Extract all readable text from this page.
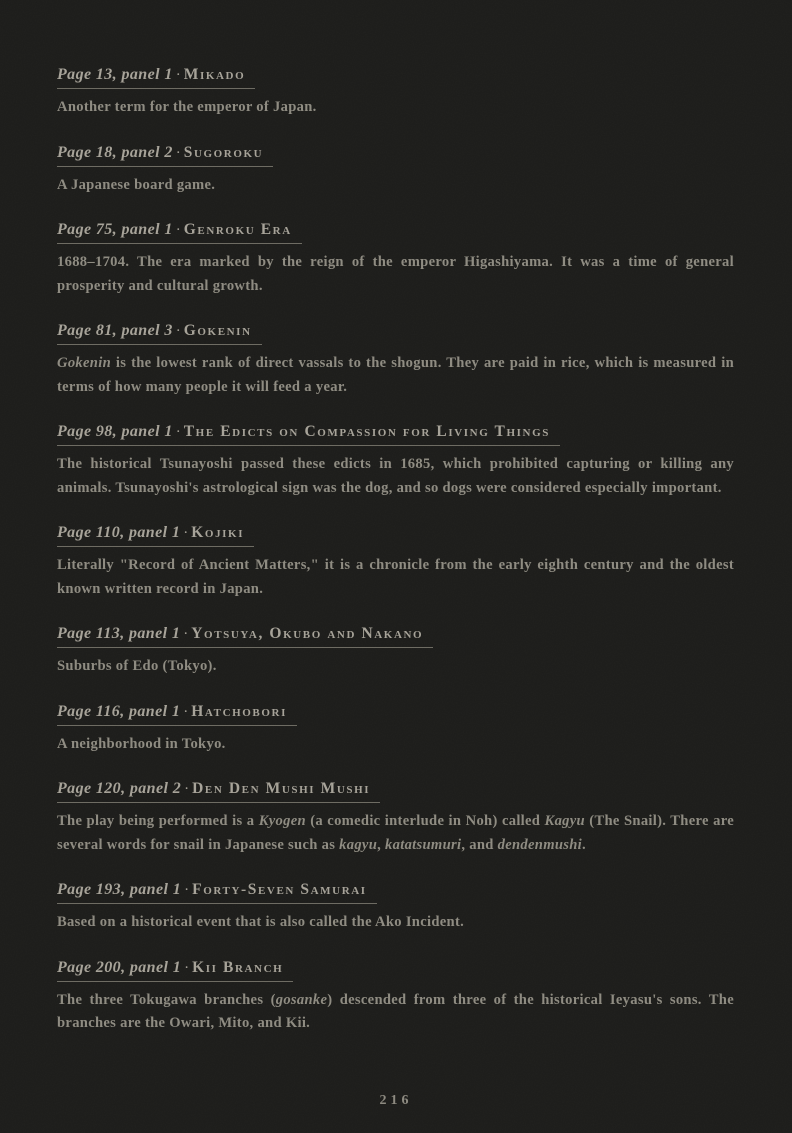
Page 13, panel 1 · Mikado

Another term for the emperor of Japan.

Page 18, panel 2 · Sugoroku

A Japanese board game.

Page 75, panel 1 · Genroku Era

1688–1704. The era marked by the reign of the emperor Higashiyama. It was a time of general prosperity and cultural growth.

Page 81, panel 3 · Gokenin

Gokenin is the lowest rank of direct vassals to the shogun. They are paid in rice, which is measured in terms of how many people it will feed a year.

Page 98, panel 1 · The Edicts on Compassion for Living Things

The historical Tsunayoshi passed these edicts in 1685, which prohibited capturing or killing any animals. Tsunayoshi's astrological sign was the dog, and so dogs were considered especially important.

Page 110, panel 1 · Kojiki

Literally "Record of Ancient Matters," it is a chronicle from the early eighth century and the oldest known written record in Japan.

Page 113, panel 1 · Yotsuya, Okubo and Nakano

Suburbs of Edo (Tokyo).

Page 116, panel 1 · Hatchobori

A neighborhood in Tokyo.

Page 120, panel 2 · Den Den Mushi Mushi

The play being performed is a Kyogen (a comedic interlude in Noh) called Kagyu (The Snail). There are several words for snail in Japanese such as kagyu, katatsumuri, and dendenmushi.

Page 193, panel 1 · Forty-Seven Samurai

Based on a historical event that is also called the Ako Incident.

Page 200, panel 1 · Kii Branch

The three Tokugawa branches (gosanke) descended from three of the historical Ieyasu's sons. The branches are the Owari, Mito, and Kii.

216
